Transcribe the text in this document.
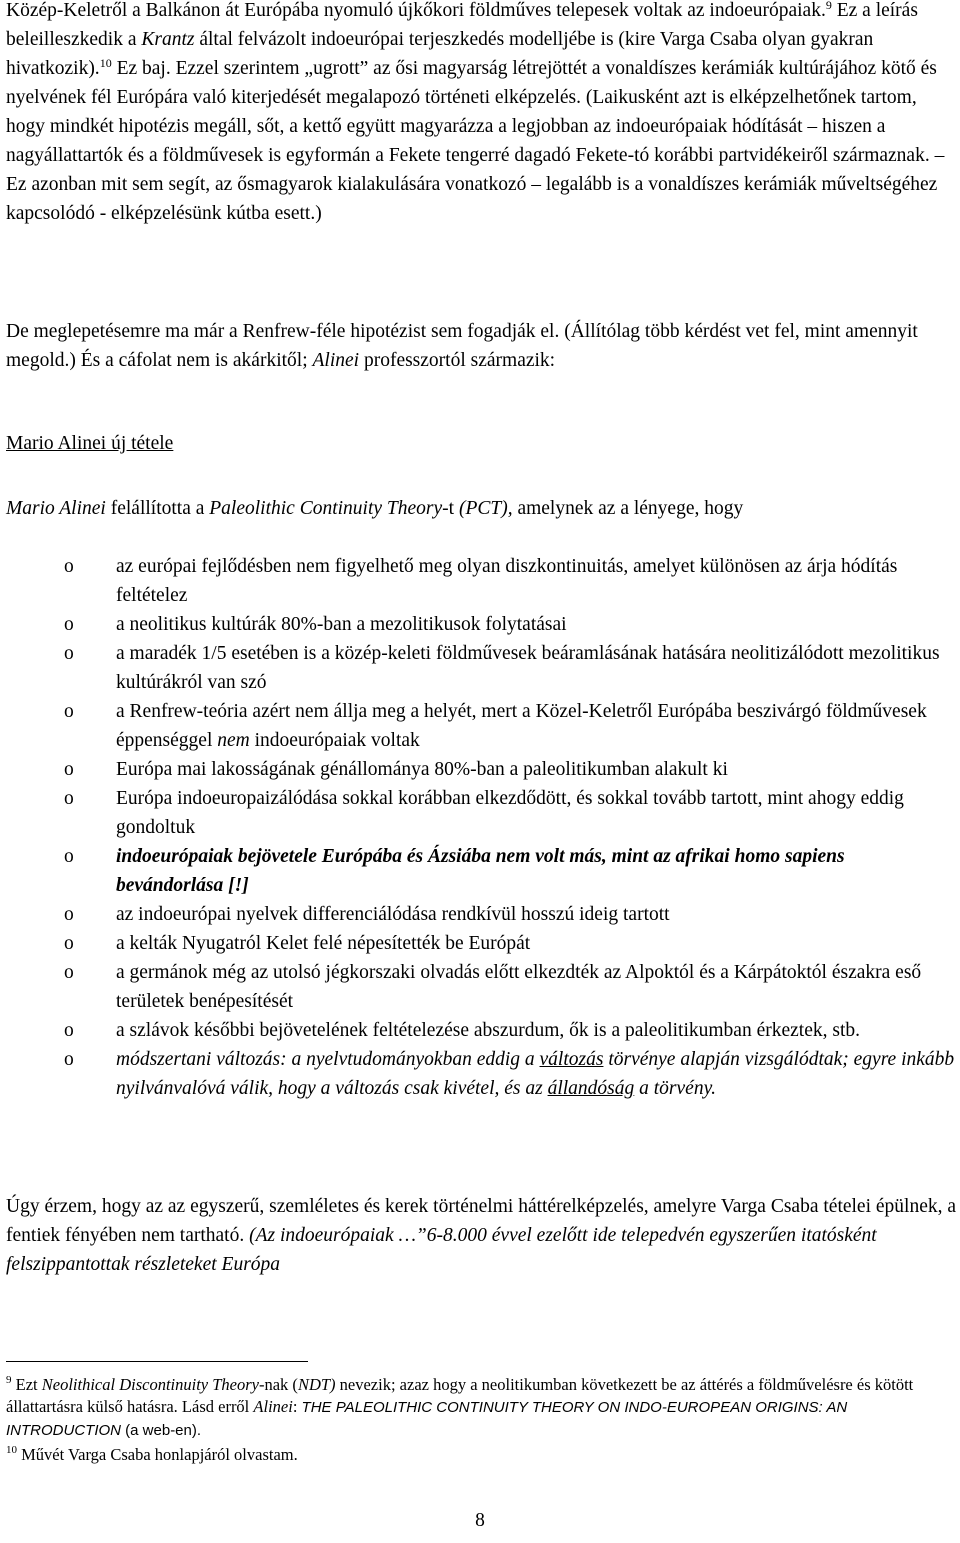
Közép-Keletről a Balkánon át Európába nyomuló újkőkori földműves telepesek voltak az indoeurópaiak.$^9$ Ez a leírás beleilleszkedik a Krantz által felvázolt indoeurópai terjeszkedés modelljébe is (kire Varga Csaba olyan gyakran hivatkozik).$^{10}$ Ez baj. Ezzel szerintem „ugrott” az ősi magyarság létrejöttét a vonaldíszes kerámiák kultúrájához kötő és nyelvének fél Európára való kiterjedését megalapozó történeti elképzelés. (Laikusként azt is elképzelhetőnek tartom, hogy mindkét hipotézis megáll, sőt, a kettő együtt magyarázza a legjobban az indoeurópaiak hódítását – hiszen a nagyállattartók és a földművesek is egyformán a Fekete tengerré dagadó Fekete-tó korábbi partvidékeiről származnak. – Ez azonban mit sem segít, az ősmagyarok kialakulására vonatkozó – legalább is a vonaldíszes kerámiák műveltségéhez kapcsolódó - elképzelésünk kútba esett.)

De meglepetésemre ma már a Renfrew-féle hipotézist sem fogadják el. (Állítólag több kérdést vet fel, mint amennyit megold.) És a cáfolat nem is akárkitől; Alinei professzortól származik:

Mario Alinei új tétele

Mario Alinei felállította a Paleolithic Continuity Theory-t (PCT), amelynek az a lényege, hogy

o az európai fejlődésben nem figyelhető meg olyan diszkontinuitás, amelyet különösen az árja hódítás feltételez
o a neolitikus kultúrák 80%-ban a mezolitikusok folytatásai
o a maradék 1/5 esetében is a közép-keleti földművesek beáramlásának hatására neolitizálódott mezolitikus kultúrákról van szó
o a Renfrew-teória azért nem állja meg a helyét, mert a Közel-Keletről Európába beszivárgó földművesek éppenséggel nem indoeurópaiak voltak
o Európa mai lakosságának génállománya 80%-ban a paleolitikumban alakult ki
o Európa indoeuropaizálódása sokkal korábban elkezdődött, és sokkal tovább tartott, mint ahogy eddig gondoltuk
o indoeurópaiak bejövetele Európába és Ázsiába nem volt más, mint az afrikai homo sapiens bevándorlása [!]
o az indoeurópai nyelvek differenciálódása rendkívül hosszú ideig tartott
o a kelták Nyugatról Kelet felé népesítették be Európát
o a germánok még az utolsó jégkorszaki olvadás előtt elkezdték az Alpoktól és a Kárpátoktól északra eső területek benépesítését
o a szlávok későbbi bejövetelének feltételezése abszurdum, ők is a paleolitikumban érkeztek, stb.
o módszertani változás: a nyelvtudományokban eddig a változás törvénye alapján vizsgálódtak; egyre inkább nyilvánvalóvá válik, hogy a változás csak kivétel, és az állandóság a törvény.

Úgy érzem, hogy az az egyszerű, szemléletes és kerek történelmi háttérelképzelés, amelyre Varga Csaba tételei épülnek, a fentiek fényében nem tartható. (Az indoeurópaiak …”6-8.000 évvel ezelőtt ide telepedvén egyszerűen itatósként felszippantottak részleteket Európa

$^9$ Ezt Neolithical Discontinuity Theory-nak (NDT) nevezik; azaz hogy a neolitikumban következett be az áttérés a földművelésre és kötött állattartásra külső hatásra. Lásd erről Alinei: THE PALEOLITHIC CONTINUITY THEORY ON INDO-EUROPEAN ORIGINS: AN INTRODUCTION (a web-en).
$^{10}$ Művét Varga Csaba honlapjáról olvastam.
8
